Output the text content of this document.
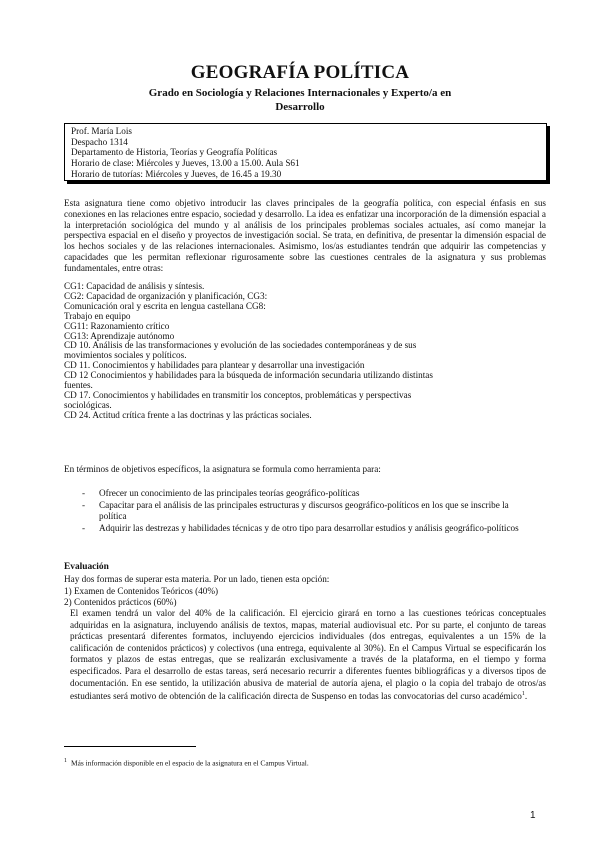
GEOGRAFÍA POLÍTICA
Grado en Sociología y Relaciones Internacionales y Experto/a en Desarrollo
Prof. María Lois
Despacho 1314
Departamento de Historia, Teorías y Geografía Políticas
Horario de clase: Miércoles y Jueves, 13.00 a 15.00. Aula S61
Horario de tutorías: Miércoles y Jueves, de 16.45 a 19.30

Esta asignatura tiene como objetivo introducir las claves principales de la geografía política, con especial énfasis en sus conexiones en las relaciones entre espacio, sociedad y desarrollo. La idea es enfatizar una incorporación de la dimensión espacial a la interpretación sociológica del mundo y al análisis de los principales problemas sociales actuales, así como manejar la perspectiva espacial en el diseño y proyectos de investigación social. Se trata, en definitiva, de presentar la dimensión espacial de los hechos sociales y de las relaciones internacionales. Asimismo, los/as estudiantes tendrán que adquirir las competencias y capacidades que les permitan reflexionar rigurosamente sobre las cuestiones centrales de la asignatura y sus problemas fundamentales, entre otras:

CG1: Capacidad de análisis y síntesis.
CG2: Capacidad de organización y planificación, CG3:
Comunicación oral y escrita en lengua castellana CG8:
Trabajo en equipo
CG11: Razonamiento crítico
CG13: Aprendizaje autónomo
CD 10. Análisis de las transformaciones y evolución de las sociedades contemporáneas y de sus
movimientos sociales y políticos.
CD 11. Conocimientos y habilidades para plantear y desarrollar una investigación
CD 12 Conocimientos y habilidades para la búsqueda de información secundaria utilizando distintas
fuentes.
CD 17. Conocimientos y habilidades en transmitir los conceptos, problemáticas y perspectivas
sociológicas.
CD 24. Actitud crítica frente a las doctrinas y las prácticas sociales.
En términos de objetivos específicos, la asignatura se formula como herramienta para:
- Ofrecer un conocimiento de las principales teorías geográfico-políticas
- Capacitar para el análisis de las principales estructuras y discursos geográfico-políticos en los que se inscribe la política
- Adquirir las destrezas y habilidades técnicas y de otro tipo para desarrollar estudios y análisis geográfico-políticos
Evaluación
Hay dos formas de superar esta materia. Por un lado, tienen esta opción:
1) Examen de Contenidos Teóricos (40%)
2) Contenidos prácticos (60%)
El examen tendrá un valor del 40% de la calificación. El ejercicio girará en torno a las cuestiones teóricas conceptuales adquiridas en la asignatura, incluyendo análisis de textos, mapas, material audiovisual etc. Por su parte, el conjunto de tareas prácticas presentará diferentes formatos, incluyendo ejercicios individuales (dos entregas, equivalentes a un 15% de la calificación de contenidos prácticos) y colectivos (una entrega, equivalente al 30%). En el Campus Virtual se especificarán los formatos y plazos de estas entregas, que se realizarán exclusivamente a través de la plataforma, en el tiempo y forma especificados. Para el desarrollo de estas tareas, será necesario recurrir a diferentes fuentes bibliográficas y a diversos tipos de documentación. En ese sentido, la utilización abusiva de material de autoría ajena, el plagio o la copia del trabajo de otros/as estudiantes será motivo de obtención de la calificación directa de Suspenso en todas las convocatorias del curso académico$^1$.
$^1$ Más información disponible en el espacio de la asignatura en el Campus Virtual.
1
